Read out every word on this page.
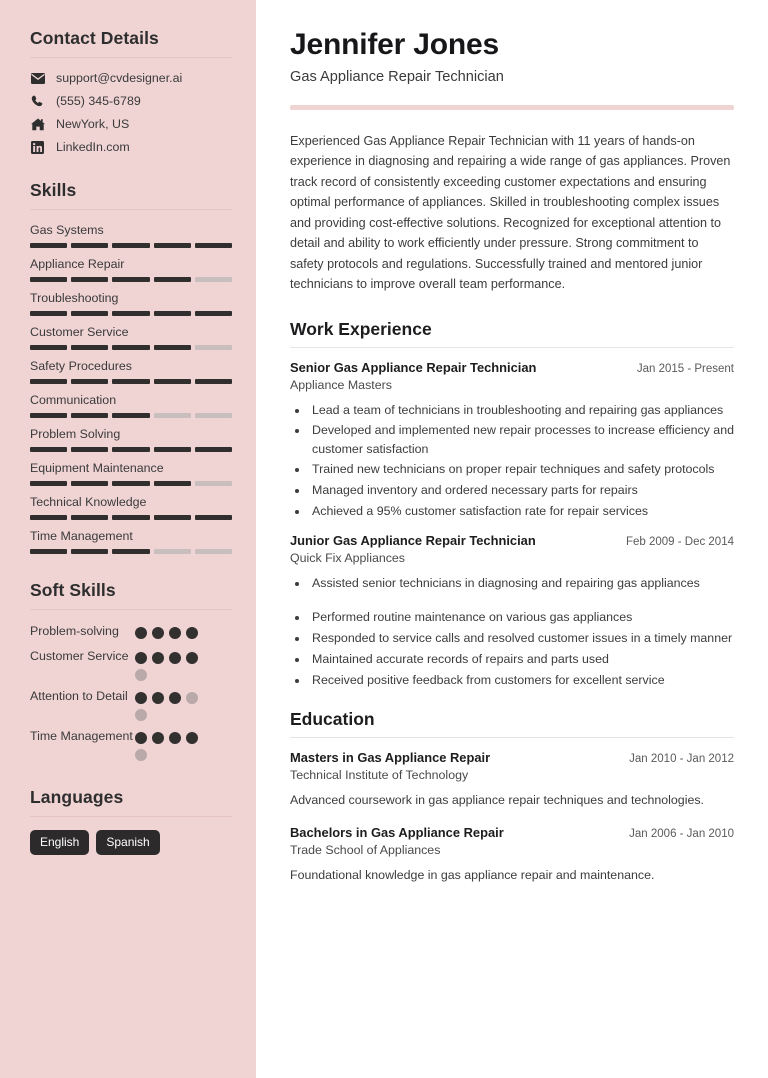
Contact Details
support@cvdesigner.ai
(555) 345-6789
NewYork, US
LinkedIn.com
Skills
Gas Systems
Appliance Repair
Troubleshooting
Customer Service
Safety Procedures
Communication
Problem Solving
Equipment Maintenance
Technical Knowledge
Time Management
Soft Skills
Problem-solving
Customer Service
Attention to Detail
Time Management
Languages
English	Spanish
Jennifer Jones
Gas Appliance Repair Technician

Experienced Gas Appliance Repair Technician with 11 years of hands-on experience in diagnosing and repairing a wide range of gas appliances. Proven track record of consistently exceeding customer expectations and ensuring optimal performance of appliances. Skilled in troubleshooting complex issues and providing cost-effective solutions. Recognized for exceptional attention to detail and ability to work efficiently under pressure. Strong commitment to safety protocols and regulations. Successfully trained and mentored junior technicians to improve overall team performance.

Work Experience
Senior Gas Appliance Repair Technician	Jan 2015 - Present
Appliance Masters
• Lead a team of technicians in troubleshooting and repairing gas appliances
• Developed and implemented new repair processes to increase efficiency and customer satisfaction
• Trained new technicians on proper repair techniques and safety protocols
• Managed inventory and ordered necessary parts for repairs
• Achieved a 95% customer satisfaction rate for repair services
Junior Gas Appliance Repair Technician	Feb 2009 - Dec 2014
Quick Fix Appliances
• Assisted senior technicians in diagnosing and repairing gas appliances
• Performed routine maintenance on various gas appliances
• Responded to service calls and resolved customer issues in a timely manner
• Maintained accurate records of repairs and parts used
• Received positive feedback from customers for excellent service
Education
Masters in Gas Appliance Repair	Jan 2010 - Jan 2012
Technical Institute of Technology
Advanced coursework in gas appliance repair techniques and technologies.
Bachelors in Gas Appliance Repair	Jan 2006 - Jan 2010
Trade School of Appliances
Foundational knowledge in gas appliance repair and maintenance.
